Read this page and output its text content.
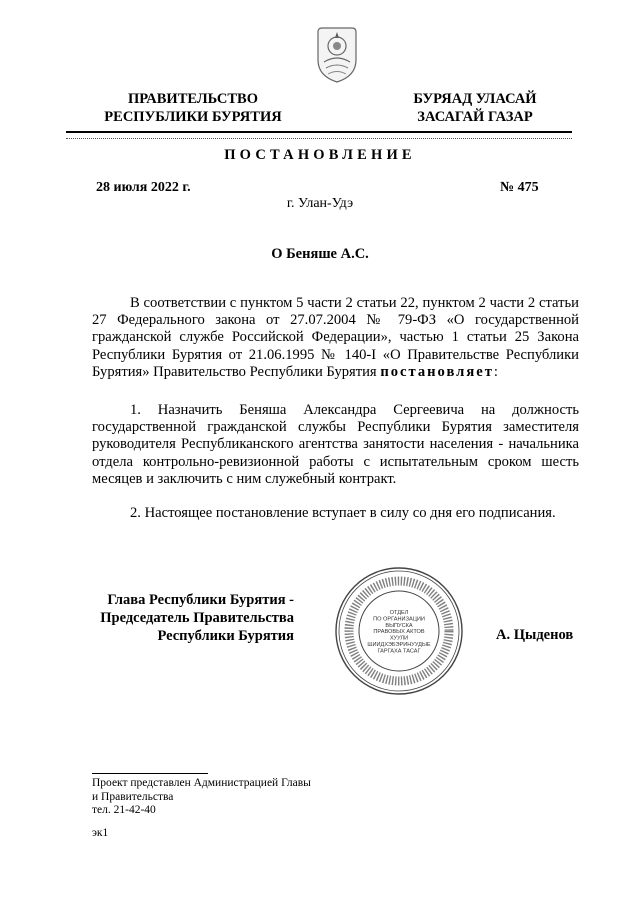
ПРАВИТЕЛЬСТВО
РЕСПУБЛИКИ БУРЯТИЯ
БУРЯАД УЛАСАЙ
ЗАСАГАЙ ГАЗАР
ПОСТАНОВЛЕНИЕ
28 июля 2022 г.	№ 475
г. Улан-Удэ
О Беняше А.С.
В соответствии с пунктом 5 части 2 статьи 22, пунктом 2 части 2 статьи 27 Федерального закона от 27.07.2004 № 79-ФЗ «О государственной гражданской службе Российской Федерации», частью 1 статьи 25 Закона Республики Бурятия от 21.06.1995 № 140-I «О Правительстве Республики Бурятия» Правительство Республики Бурятия постановляет:
1. Назначить Беняша Александра Сергеевича на должность государственной гражданской службы Республики Бурятия заместителя руководителя Республиканского агентства занятости населения - начальника отдела контрольно-ревизионной работы с испытательным сроком шесть месяцев и заключить с ним служебный контракт.
2. Настоящее постановление вступает в силу со дня его подписания.
Глава Республики Бурятия -
Председатель Правительства
Республики Бурятия
ОТДЕЛ
ПО ОРГАНИЗАЦИИ
ВЫПУСКА
ПРАВОВЫХ АКТОВ
ХУУЛИ
ШИИДХЭБЭРИНУУДЫЕ
ГАРГАХА ТАСАГ
А. Цыденов
Проект представлен Администрацией Главы
и Правительства
тел. 21-42-40
эк1
